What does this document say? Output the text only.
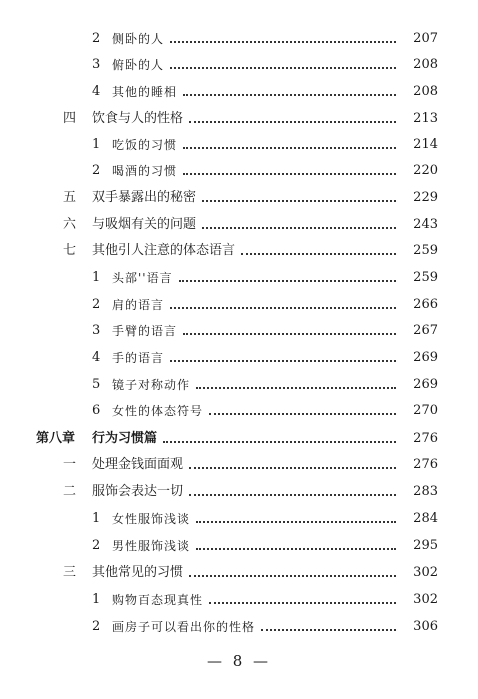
2 侧卧的人	207
3 俯卧的人	208
4 其他的睡相	208
四 饮食与人的性格	213
1 吃饭的习惯	214
2 喝酒的习惯	220
五 双手暴露出的秘密	229
六 与吸烟有关的问题	243
七 其他引人注意的体态语言	259
1 头部''语言	259
2 肩的语言	266
3 手臂的语言	267
4 手的语言	269
5 镜子对称动作	269
6 女性的体态符号	270
第八章 行为习惯篇	276
一 处理金钱面面观	276
二 服饰会表达一切	283
1 女性服饰浅谈	284
2 男性服饰浅谈	295
三 其他常见的习惯	302
1 购物百态现真性	302
2 画房子可以看出你的性格	306
— 8 —
